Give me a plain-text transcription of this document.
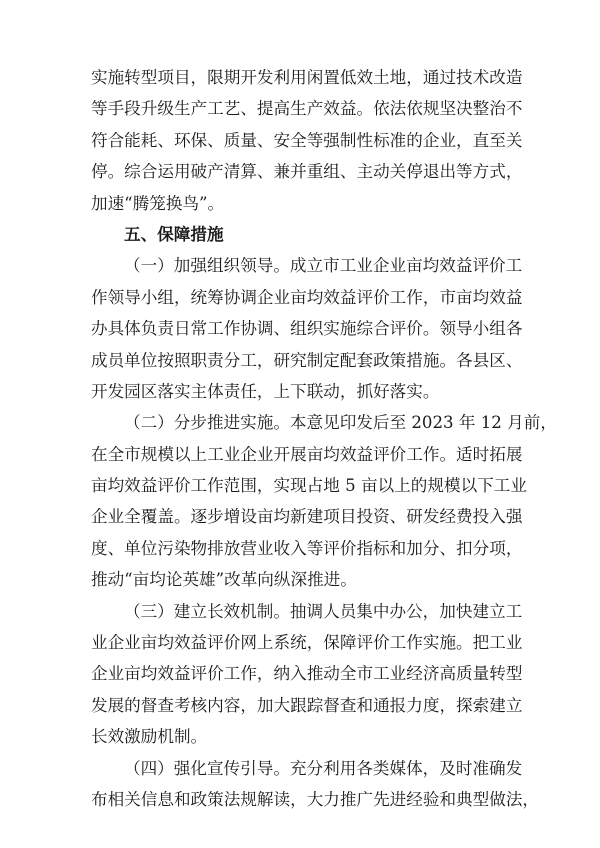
实施转型项目，限期开发利用闲置低效土地，通过技术改造
等手段升级生产工艺、提高生产效益。依法依规坚决整治不
符合能耗、环保、质量、安全等强制性标准的企业，直至关
停。综合运用破产清算、兼并重组、主动关停退出等方式，
加速“腾笼换鸟”。
五、保障措施
（一）加强组织领导。成立市工业企业亩均效益评价工
作领导小组，统筹协调企业亩均效益评价工作，市亩均效益
办具体负责日常工作协调、组织实施综合评价。领导小组各
成员单位按照职责分工，研究制定配套政策措施。各县区、
开发园区落实主体责任，上下联动，抓好落实。
（二）分步推进实施。本意见印发后至 2023 年 12 月前，
在全市规模以上工业企业开展亩均效益评价工作。适时拓展
亩均效益评价工作范围，实现占地 5 亩以上的规模以下工业
企业全覆盖。逐步增设亩均新建项目投资、研发经费投入强
度、单位污染物排放营业收入等评价指标和加分、扣分项，
推动“亩均论英雄”改革向纵深推进。
（三）建立长效机制。抽调人员集中办公，加快建立工
业企业亩均效益评价网上系统，保障评价工作实施。把工业
企业亩均效益评价工作，纳入推动全市工业经济高质量转型
发展的督查考核内容，加大跟踪督查和通报力度，探索建立
长效激励机制。
（四）强化宣传引导。充分利用各类媒体，及时准确发
布相关信息和政策法规解读，大力推广先进经验和典型做法，
